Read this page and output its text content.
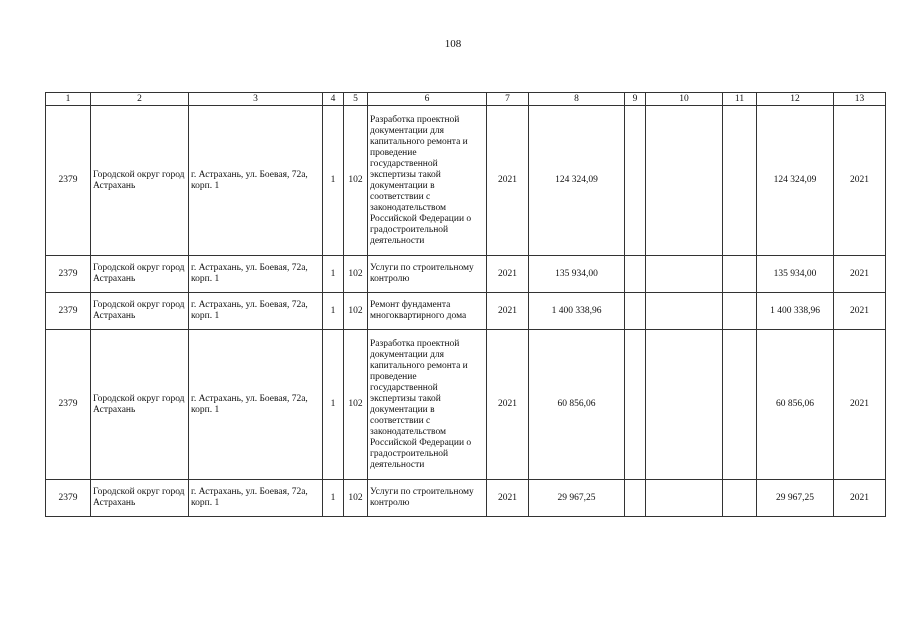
108
1	2	3	4	5	6	7	8	9	10	11	12	13
2379	Городской округ город Астрахань	г. Астрахань, ул. Боевая, 72а, корп. 1	1	102	Разработка проектной документации для капитального ремонта и проведение государственной экспертизы такой документации в соответствии с законодательством Российской Федерации о градостроительной деятельности	2021	124 324,09				124 324,09	2021
2379	Городской округ город Астрахань	г. Астрахань, ул. Боевая, 72а, корп. 1	1	102	Услуги по строительному контролю	2021	135 934,00				135 934,00	2021
2379	Городской округ город Астрахань	г. Астрахань, ул. Боевая, 72а, корп. 1	1	102	Ремонт фундамента многоквартирного дома	2021	1 400 338,96				1 400 338,96	2021
2379	Городской округ город Астрахань	г. Астрахань, ул. Боевая, 72а, корп. 1	1	102	Разработка проектной документации для капитального ремонта и проведение государственной экспертизы такой документации в соответствии с законодательством Российской Федерации о градостроительной деятельности	2021	60 856,06				60 856,06	2021
2379	Городской округ город Астрахань	г. Астрахань, ул. Боевая, 72а, корп. 1	1	102	Услуги по строительному контролю	2021	29 967,25				29 967,25	2021
